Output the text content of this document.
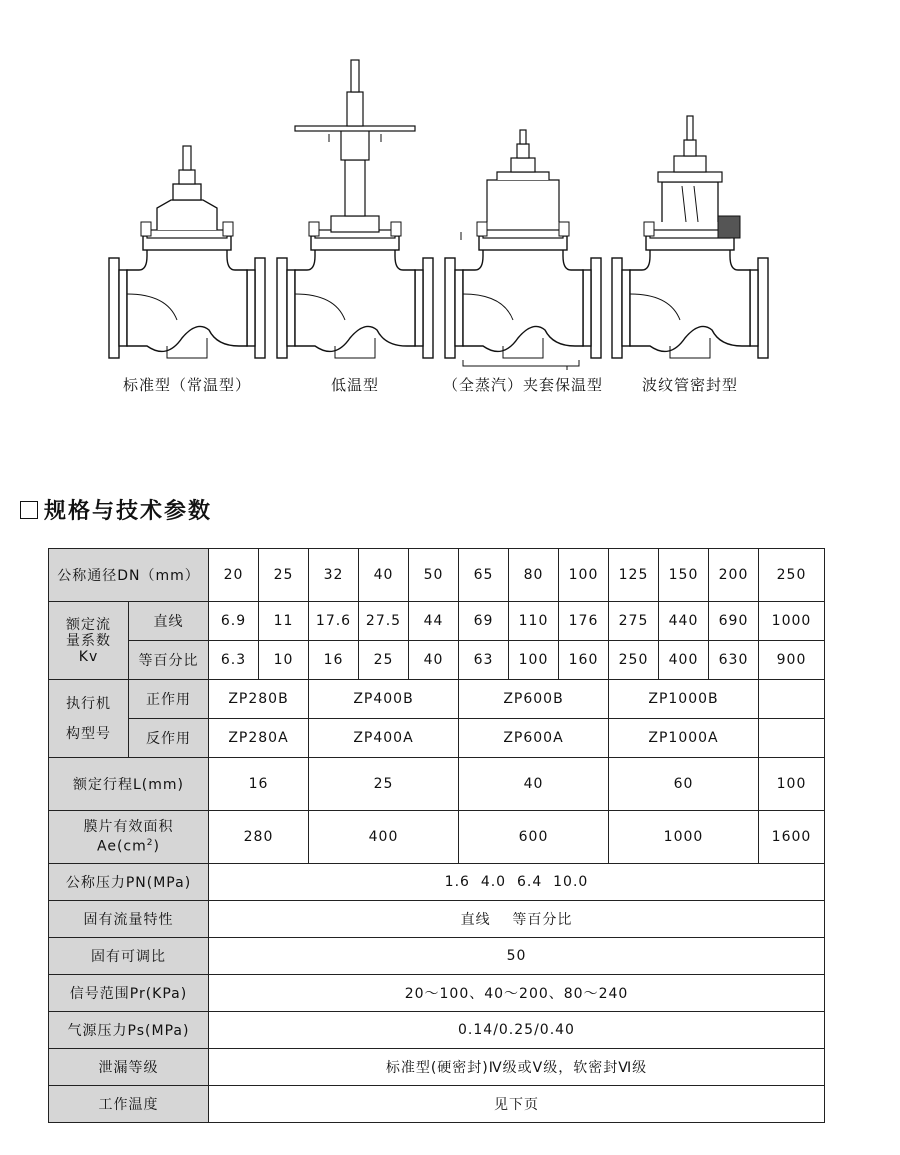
标准型（常温型）	低温型	（全蒸汽）夹套保温型	波纹管密封型
规格与技术参数
公称通径DN（mm）		20	25	32	40	50	65	80	100	125	150	200	250

额定流
量系数
Kv	直线	6.9	11	17.6	27.5	44	69	110	176	275	440	690	1000
	等百分比	6.3	10	16	25	40	63	100	160	250	400	630	900

执行机
构型号	正作用	ZP280B		ZP400B			ZP600B			ZP1000B			
	反作用	ZP280A		ZP400A			ZP600A			ZP1000A			
额定行程L(mm)		16		25			40			60			100

膜片有效面积
$Ae(cm^2)$		280		400			600			1000			1600
公称压力PN(MPa)		1.6  4.0  6.4  10.0											
固有流量特性		直线    等百分比											
固有可调比		50											
信号范围Pr(KPa)		20～100、40～200、80～240											
气源压力Ps(MPa)		0.14/0.25/0.40											
泄漏等级		标准型(硬密封)Ⅳ级或Ⅴ级，软密封Ⅵ级											
工作温度		见下页											
